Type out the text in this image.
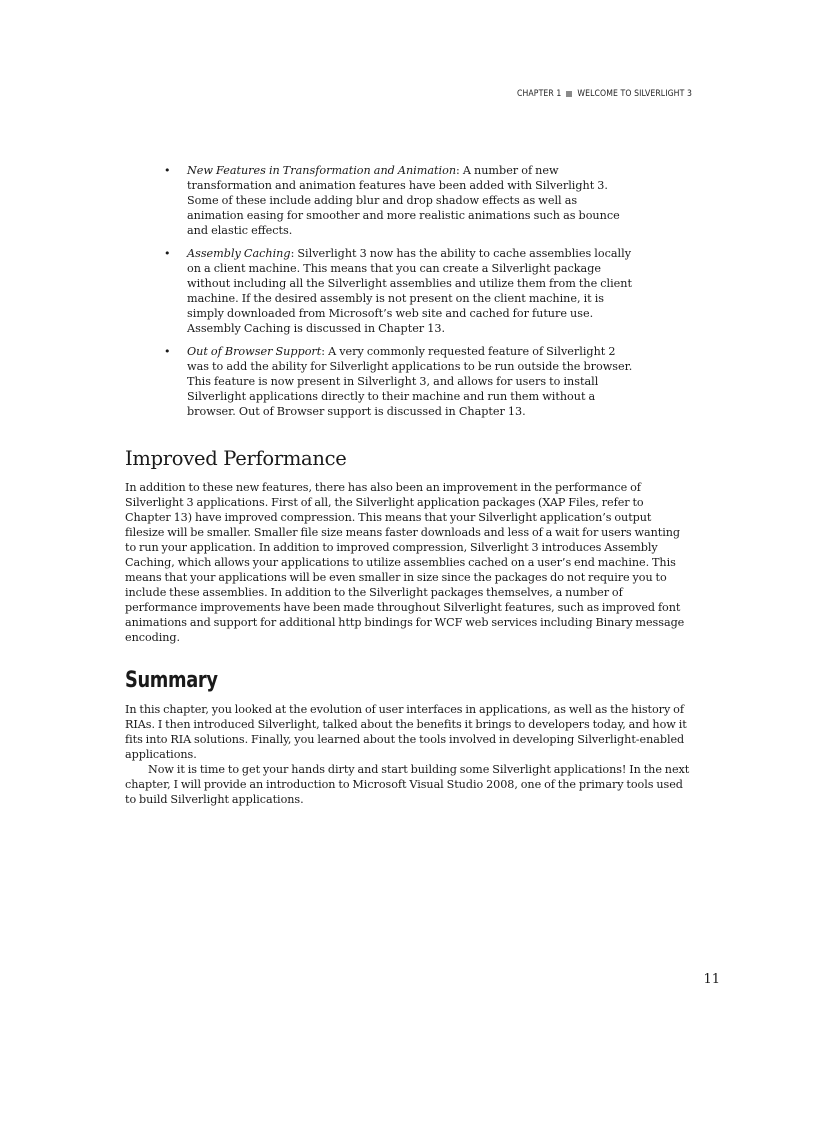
CHAPTER 1 WELCOME TO SILVERLIGHT 3
• New Features in Transformation and Animation: A number of new transformation and animation features have been added with Silverlight 3. Some of these include adding blur and drop shadow effects as well as animation easing for smoother and more realistic animations such as bounce and elastic effects.
• Assembly Caching: Silverlight 3 now has the ability to cache assemblies locally on a client machine. This means that you can create a Silverlight package without including all the Silverlight assemblies and utilize them from the client machine. If the desired assembly is not present on the client machine, it is simply downloaded from Microsoft’s web site and cached for future use. Assembly Caching is discussed in Chapter 13.
• Out of Browser Support: A very commonly requested feature of Silverlight 2 was to add the ability for Silverlight applications to be run outside the browser. This feature is now present in Silverlight 3, and allows for users to install Silverlight applications directly to their machine and run them without a browser. Out of Browser support is discussed in Chapter 13.
Improved Performance

In addition to these new features, there has also been an improvement in the performance of Silverlight 3 applications. First of all, the Silverlight application packages (XAP Files, refer to Chapter 13) have improved compression. This means that your Silverlight application’s output filesize will be smaller. Smaller file size means faster downloads and less of a wait for users wanting to run your application. In addition to improved compression, Silverlight 3 introduces Assembly Caching, which allows your applications to utilize assemblies cached on a user’s end machine. This means that your applications will be even smaller in size since the packages do not require you to include these assemblies. In addition to the Silverlight packages themselves, a number of performance improvements have been made throughout Silverlight features, such as improved font animations and support for additional http bindings for WCF web services including Binary message encoding.

Summary

In this chapter, you looked at the evolution of user interfaces in applications, as well as the history of RIAs. I then introduced Silverlight, talked about the benefits it brings to developers today, and how it fits into RIA solutions. Finally, you learned about the tools involved in developing Silverlight-enabled applications.

Now it is time to get your hands dirty and start building some Silverlight applications! In the next chapter, I will provide an introduction to Microsoft Visual Studio 2008, one of the primary tools used to build Silverlight applications.

11
